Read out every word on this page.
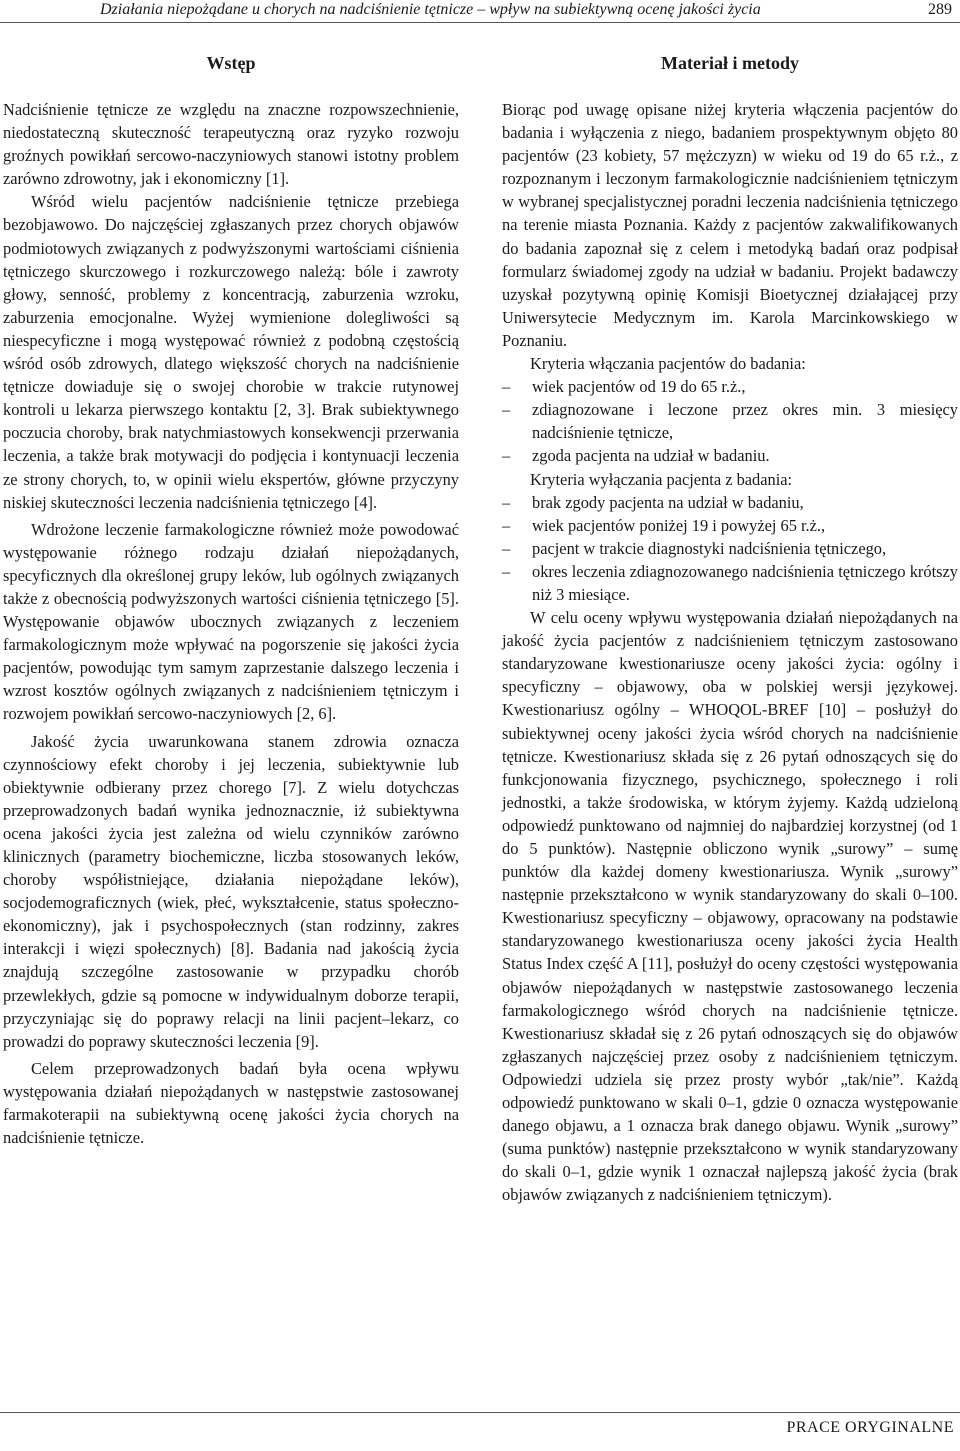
Działania niepożądane u chorych na nadciśnienie tętnicze – wpływ na subiektywną ocenę jakości życia	289
Wstęp

Nadciśnienie tętnicze ze względu na znaczne rozpowszechnienie, niedostateczną skuteczność terapeutyczną oraz ryzyko rozwoju groźnych powikłań sercowo-naczyniowych stanowi istotny problem zarówno zdrowotny, jak i ekonomiczny [1].

Wśród wielu pacjentów nadciśnienie tętnicze przebiega bezobjawowo. Do najczęściej zgłaszanych przez chorych objawów podmiotowych związanych z podwyższonymi wartościami ciśnienia tętniczego skurczowego i rozkurczowego należą: bóle i zawroty głowy, senność, problemy z koncentracją, zaburzenia wzroku, zaburzenia emocjonalne. Wyżej wymienione dolegliwości są niespecyficzne i mogą występować również z podobną częstością wśród osób zdrowych, dlatego większość chorych na nadciśnienie tętnicze dowiaduje się o swojej chorobie w trakcie rutynowej kontroli u lekarza pierwszego kontaktu [2, 3]. Brak subiektywnego poczucia choroby, brak natychmiastowych konsekwencji przerwania leczenia, a także brak motywacji do podjęcia i kontynuacji leczenia ze strony chorych, to, w opinii wielu ekspertów, główne przyczyny niskiej skuteczności leczenia nadciśnienia tętniczego [4].

Wdrożone leczenie farmakologiczne również może powodować występowanie różnego rodzaju działań niepożądanych, specyficznych dla określonej grupy leków, lub ogólnych związanych także z obecnością podwyższonych wartości ciśnienia tętniczego [5]. Występowanie objawów ubocznych związanych z leczeniem farmakologicznym może wpływać na pogorszenie się jakości życia pacjentów, powodując tym samym zaprzestanie dalszego leczenia i wzrost kosztów ogólnych związanych z nadciśnieniem tętniczym i rozwojem powikłań sercowo-naczyniowych [2, 6].

Jakość życia uwarunkowana stanem zdrowia oznacza czynnościowy efekt choroby i jej leczenia, subiektywnie lub obiektywnie odbierany przez chorego [7]. Z wielu dotychczas przeprowadzonych badań wynika jednoznacznie, iż subiektywna ocena jakości życia jest zależna od wielu czynników zarówno klinicznych (parametry biochemiczne, liczba stosowanych leków, choroby współistniejące, działania niepożądane leków), socjodemograficznych (wiek, płeć, wykształcenie, status społeczno-ekonomiczny), jak i psychospołecznych (stan rodzinny, zakres interakcji i więzi społecznych) [8]. Badania nad jakością życia znajdują szczególne zastosowanie w przypadku chorób przewlekłych, gdzie są pomocne w indywidualnym doborze terapii, przyczyniając się do poprawy relacji na linii pacjent–lekarz, co prowadzi do poprawy skuteczności leczenia [9].

Celem przeprowadzonych badań była ocena wpływu występowania działań niepożądanych w następstwie zastosowanej farmakoterapii na subiektywną ocenę jakości życia chorych na nadciśnienie tętnicze.

Materiał i metody

Biorąc pod uwagę opisane niżej kryteria włączenia pacjentów do badania i wyłączenia z niego, badaniem prospektywnym objęto 80 pacjentów (23 kobiety, 57 mężczyzn) w wieku od 19 do 65 r.ż., z rozpoznanym i leczonym farmakologicznie nadciśnieniem tętniczym w wybranej specjalistycznej poradni leczenia nadciśnienia tętniczego na terenie miasta Poznania. Każdy z pacjentów zakwalifikowanych do badania zapoznał się z celem i metodyką badań oraz podpisał formularz świadomej zgody na udział w badaniu. Projekt badawczy uzyskał pozytywną opinię Komisji Bioetycznej działającej przy Uniwersytecie Medycznym im. Karola Marcinkowskiego w Poznaniu.

Kryteria włączania pacjentów do badania:

– wiek pacjentów od 19 do 65 r.ż.,
– zdiagnozowane i leczone przez okres min. 3 miesięcy nadciśnienie tętnicze,
– zgoda pacjenta na udział w badaniu.

Kryteria wyłączania pacjenta z badania:

– brak zgody pacjenta na udział w badaniu,
– wiek pacjentów poniżej 19 i powyżej 65 r.ż.,
– pacjent w trakcie diagnostyki nadciśnienia tętniczego,
– okres leczenia zdiagnozowanego nadciśnienia tętniczego krótszy niż 3 miesiące.

W celu oceny wpływu występowania działań niepożądanych na jakość życia pacjentów z nadciśnieniem tętniczym zastosowano standaryzowane kwestionariusze oceny jakości życia: ogólny i specyficzny – objawowy, oba w polskiej wersji językowej. Kwestionariusz ogólny – WHOQOL-BREF [10] – posłużył do subiektywnej oceny jakości życia wśród chorych na nadciśnienie tętnicze. Kwestionariusz składa się z 26 pytań odnoszących się do funkcjonowania fizycznego, psychicznego, społecznego i roli jednostki, a także środowiska, w którym żyjemy. Każdą udzieloną odpowiedź punktowano od najmniej do najbardziej korzystnej (od 1 do 5 punktów). Następnie obliczono wynik „surowy” – sumę punktów dla każdej domeny kwestionariusza. Wynik „surowy” następnie przekształcono w wynik standaryzowany do skali 0–100. Kwestionariusz specyficzny – objawowy, opracowany na podstawie standaryzowanego kwestionariusza oceny jakości życia Health Status Index część A [11], posłużył do oceny częstości występowania objawów niepożądanych w następstwie zastosowanego leczenia farmakologicznego wśród chorych na nadciśnienie tętnicze. Kwestionariusz składał się z 26 pytań odnoszących się do objawów zgłaszanych najczęściej przez osoby z nadciśnieniem tętniczym. Odpowiedzi udziela się przez prosty wybór „tak/nie”. Każdą odpowiedź punktowano w skali 0–1, gdzie 0 oznacza występowanie danego objawu, a 1 oznacza brak danego objawu. Wynik „surowy” (suma punktów) następnie przekształcono w wynik standaryzowany do skali 0–1, gdzie wynik 1 oznaczał najlepszą jakość życia (brak objawów związanych z nadciśnieniem tętniczym).

PRACE ORYGINALNE
